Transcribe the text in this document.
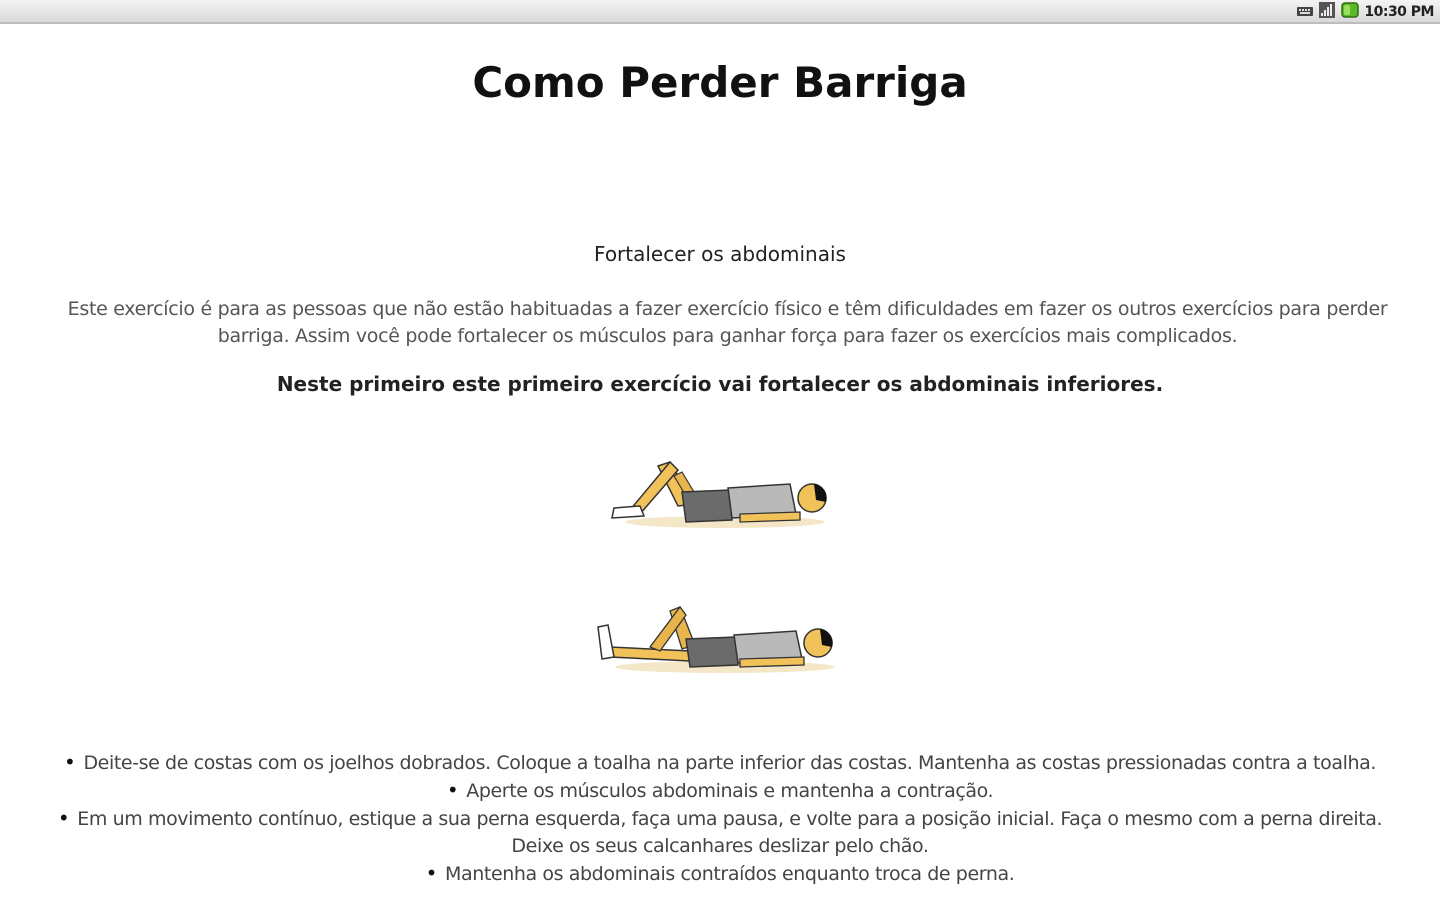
10:30 PM
Como Perder Barriga
Fortalecer os abdominais
Este exercício é para as pessoas que não estão habituadas a fazer exercício físico e têm dificuldades em fazer os outros exercícios para perder barriga. Assim você pode fortalecer os músculos para ganhar força para fazer os exercícios mais complicados.
Neste primeiro este primeiro exercício vai fortalecer os abdominais inferiores.
• Deite-se de costas com os joelhos dobrados. Coloque a toalha na parte inferior das costas. Mantenha as costas pressionadas contra a toalha.
• Aperte os músculos abdominais e mantenha a contração.
• Em um movimento contínuo, estique a sua perna esquerda, faça uma pausa, e volte para a posição inicial. Faça o mesmo com a perna direita. Deixe os seus calcanhares deslizar pelo chão.
• Mantenha os abdominais contraídos enquanto troca de perna.
